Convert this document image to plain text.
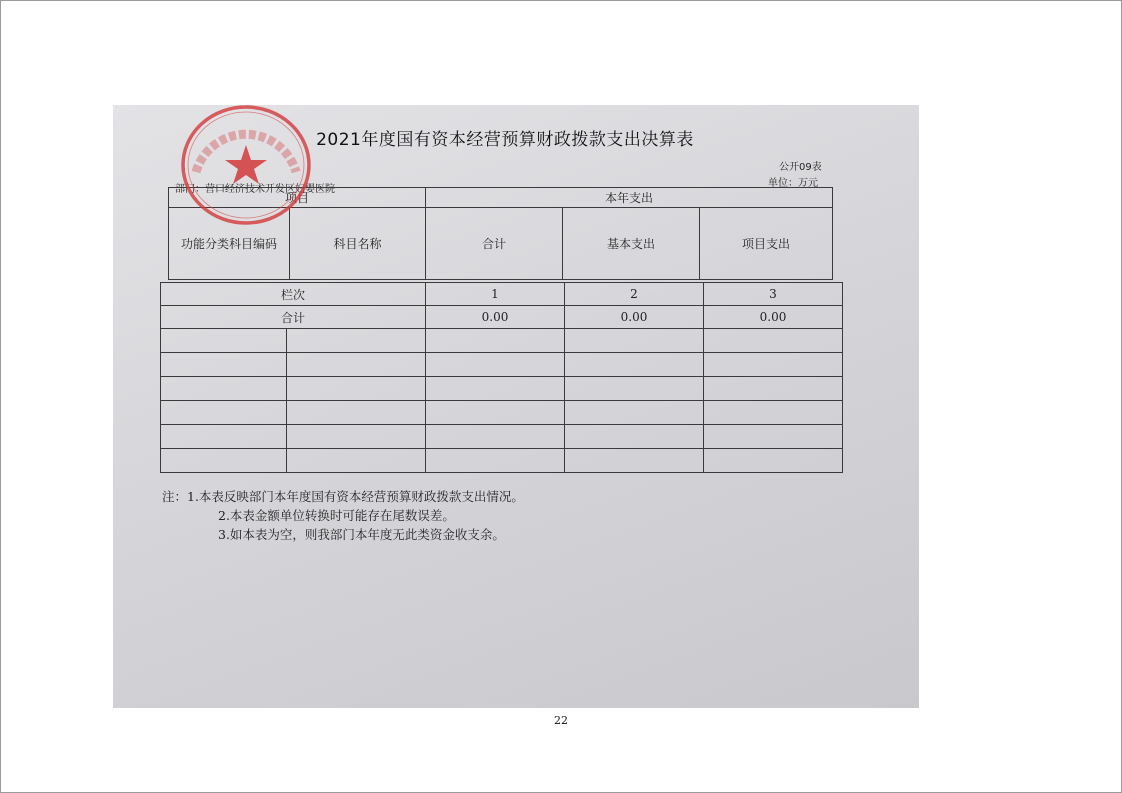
2021年度国有资本经营预算财政拨款支出决算表
公开09表
单位：万元
部门：营口经济技术开发区妇婴医院
项目		本年支出		
功能分类科目编码	科目名称	合计	基本支出	项目支出
栏次		1	2	3
合计		0.00	0.00	0.00

注：1.本表反映部门本年度国有资本经营预算财政拨款支出情况。
2.本表金额单位转换时可能存在尾数误差。
3.如本表为空，则我部门本年度无此类资金收支余。
22
